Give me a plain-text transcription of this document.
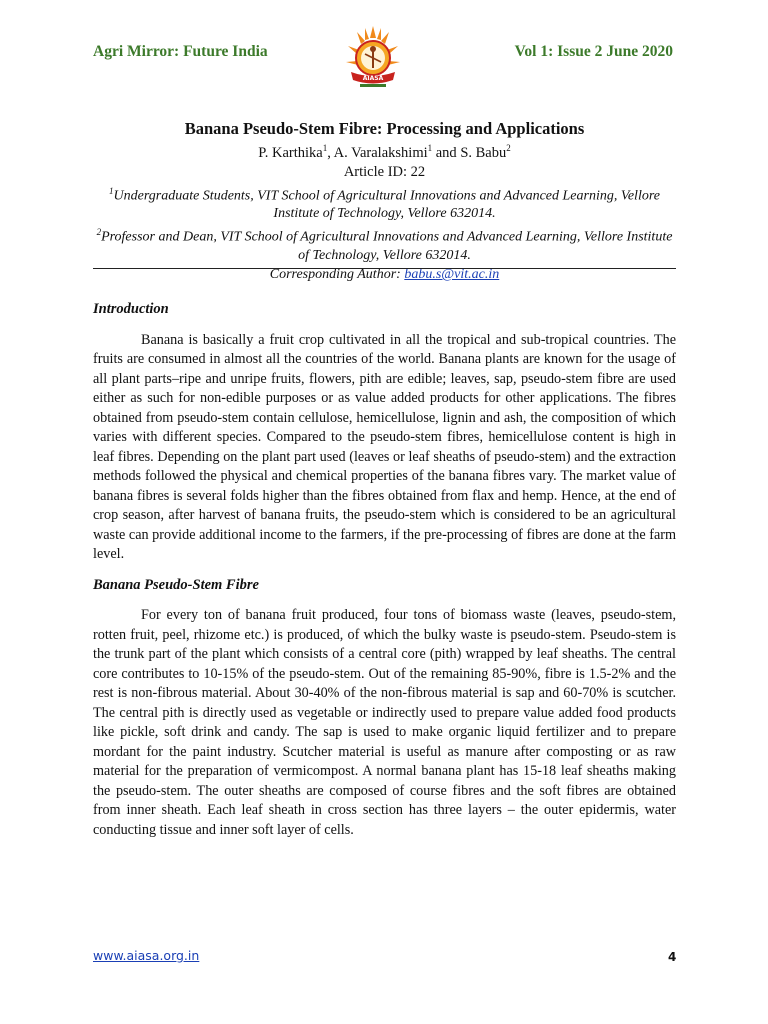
Agri Mirror: Future India
AIASA
Vol 1: Issue 2 June 2020
Banana Pseudo-Stem Fibre: Processing and Applications
P. Karthika$^1$, A. Varalakshimi$^1$ and S. Babu$^2$
Article ID: 22
$^1$Undergraduate Students, VIT School of Agricultural Innovations and Advanced Learning, Vellore Institute of Technology, Vellore 632014.
$^2$Professor and Dean, VIT School of Agricultural Innovations and Advanced Learning, Vellore Institute of Technology, Vellore 632014.
Corresponding Author: babu.s@vit.ac.in
Introduction

Banana is basically a fruit crop cultivated in all the tropical and sub-tropical countries. The fruits are consumed in almost all the countries of the world. Banana plants are known for the usage of all plant parts–ripe and unripe fruits, flowers, pith are edible; leaves, sap, pseudo-stem fibre are used either as such for non-edible purposes or as value added products for other applications. The fibres obtained from pseudo-stem contain cellulose, hemicellulose, lignin and ash, the composition of which varies with different species. Compared to the pseudo-stem fibres, hemicellulose content is high in leaf fibres. Depending on the plant part used (leaves or leaf sheaths of pseudo-stem) and the extraction methods followed the physical and chemical properties of the banana fibres vary. The market value of banana fibres is several folds higher than the fibres obtained from flax and hemp. Hence, at the end of crop season, after harvest of banana fruits, the pseudo-stem which is considered to be an agricultural waste can provide additional income to the farmers, if the pre-processing of fibres are done at the farm level.

Banana Pseudo-Stem Fibre

For every ton of banana fruit produced, four tons of biomass waste (leaves, pseudo-stem, rotten fruit, peel, rhizome etc.) is produced, of which the bulky waste is pseudo-stem. Pseudo-stem is the trunk part of the plant which consists of a central core (pith) wrapped by leaf sheaths. The central core contributes to 10-15% of the pseudo-stem. Out of the remaining 85-90%, fibre is 1.5-2% and the rest is non-fibrous material. About 30-40% of the non-fibrous material is sap and 60-70% is scutcher. The central pith is directly used as vegetable or indirectly used to prepare value added food products like pickle, soft drink and candy. The sap is used to make organic liquid fertilizer and to prepare mordant for the paint industry. Scutcher material is useful as manure after composting or as raw material for the preparation of vermicompost. A normal banana plant has 15-18 leaf sheaths making the pseudo-stem. The outer sheaths are composed of course fibres and the soft fibres are obtained from inner sheath. Each leaf sheath in cross section has three layers – the outer epidermis, water conducting tissue and inner soft layer of cells.

www.aiasa.org.in	4
